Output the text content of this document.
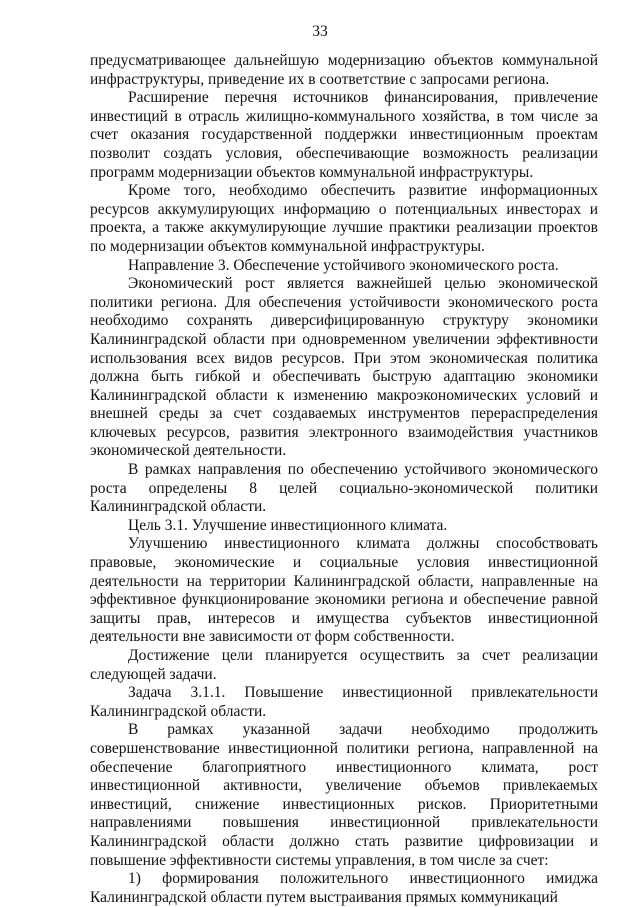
33

предусматривающее дальнейшую модернизацию объектов коммунальной инфраструктуры, приведение их в соответствие с запросами региона.

Расширение перечня источников финансирования, привлечение инвестиций в отрасль жилищно-коммунального хозяйства, в том числе за счет оказания государственной поддержки инвестиционным проектам позволит создать условия, обеспечивающие возможность реализации программ модернизации объектов коммунальной инфраструктуры.

Кроме того, необходимо обеспечить развитие информационных ресурсов аккумулирующих информацию о потенциальных инвесторах и проекта, а также аккумулирующие лучшие практики реализации проектов по модернизации объектов коммунальной инфраструктуры.

Направление 3. Обеспечение устойчивого экономического роста.

Экономический рост является важнейшей целью экономической политики региона. Для обеспечения устойчивости экономического роста необходимо сохранять диверсифицированную структуру экономики Калининградской области при одновременном увеличении эффективности использования всех видов ресурсов. При этом экономическая политика должна быть гибкой и обеспечивать быструю адаптацию экономики Калининградской области к изменению макроэкономических условий и внешней среды за счет создаваемых инструментов перераспределения ключевых ресурсов, развития электронного взаимодействия участников экономической деятельности.

В рамках направления по обеспечению устойчивого экономического роста определены 8 целей социально-экономической политики Калининградской области.

Цель 3.1. Улучшение инвестиционного климата.

Улучшению инвестиционного климата должны способствовать правовые, экономические и социальные условия инвестиционной деятельности на территории Калининградской области, направленные на эффективное функционирование экономики региона и обеспечение равной защиты прав, интересов и имущества субъектов инвестиционной деятельности вне зависимости от форм собственности.

Достижение цели планируется осуществить за счет реализации следующей задачи.

Задача 3.1.1. Повышение инвестиционной привлекательности Калининградской области.

В рамках указанной задачи необходимо продолжить совершенствование инвестиционной политики региона, направленной на обеспечение благоприятного инвестиционного климата, рост инвестиционной активности, увеличение объемов привлекаемых инвестиций, снижение инвестиционных рисков. Приоритетными направлениями повышения инвестиционной привлекательности Калининградской области должно стать развитие цифровизации и повышение эффективности системы управления, в том числе за счет:

1) формирования положительного инвестиционного имиджа Калининградской области путем выстраивания прямых коммуникаций
